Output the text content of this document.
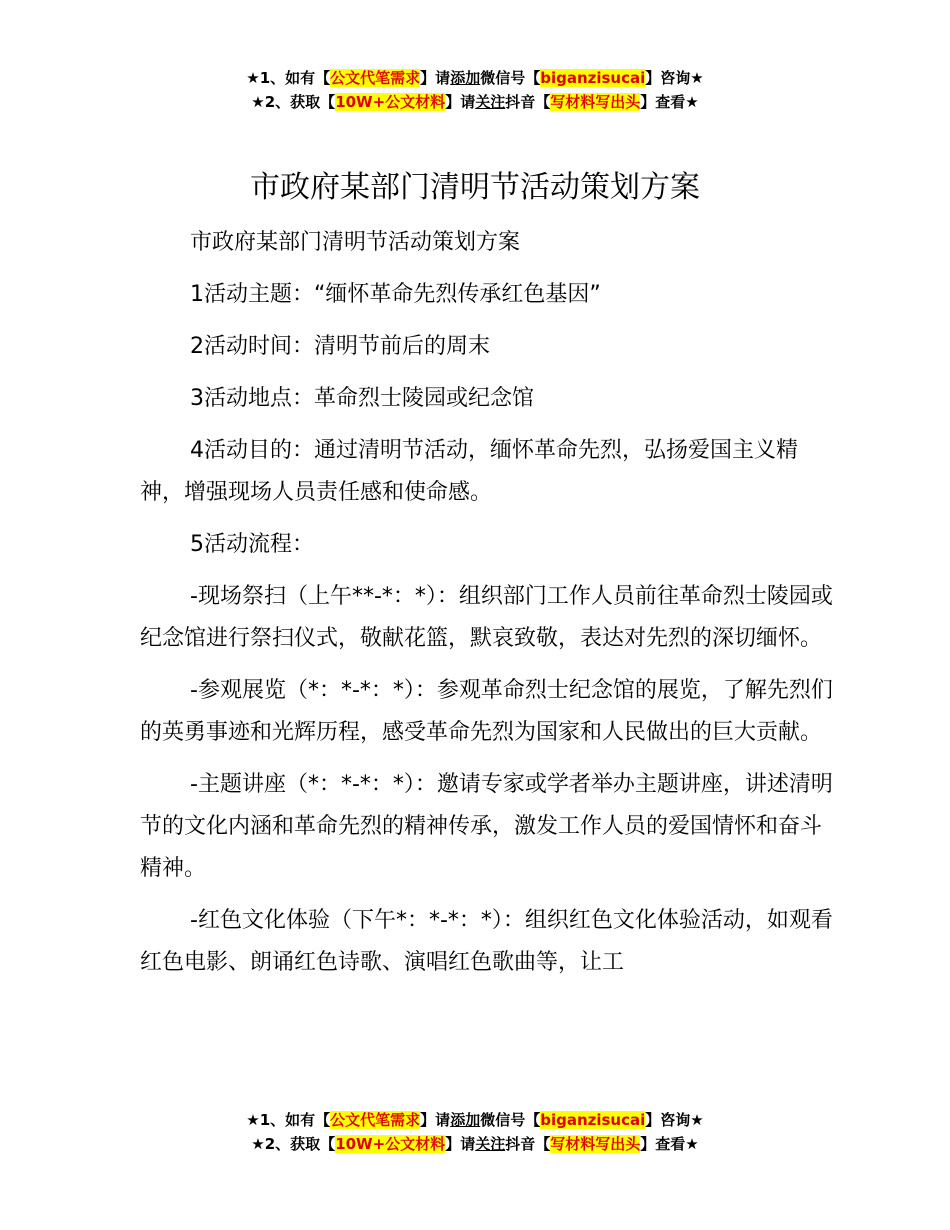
★1、如有【公文代笔需求】请添加微信号【biganzisucai】咨询★
★2、获取【10W+公文材料】请关注抖音【写材料写出头】查看★
市政府某部门清明节活动策划方案

市政府某部门清明节活动策划方案

1活动主题：“缅怀革命先烈传承红色基因”

2活动时间：清明节前后的周末

3活动地点：革命烈士陵园或纪念馆

4活动目的：通过清明节活动，缅怀革命先烈，弘扬爱国主义精神，增强现场人员责任感和使命感。

5活动流程：

-现场祭扫（上午**-*：*）：组织部门工作人员前往革命烈士陵园或纪念馆进行祭扫仪式，敬献花篮，默哀致敬，表达对先烈的深切缅怀。

-参观展览（*：*-*：*）：参观革命烈士纪念馆的展览，了解先烈们的英勇事迹和光辉历程，感受革命先烈为国家和人民做出的巨大贡献。

-主题讲座（*：*-*：*）：邀请专家或学者举办主题讲座，讲述清明节的文化内涵和革命先烈的精神传承，激发工作人员的爱国情怀和奋斗精神。

-红色文化体验（下午*：*-*：*）：组织红色文化体验活动，如观看红色电影、朗诵红色诗歌、演唱红色歌曲等，让工

★1、如有【公文代笔需求】请添加微信号【biganzisucai】咨询★
★2、获取【10W+公文材料】请关注抖音【写材料写出头】查看★
